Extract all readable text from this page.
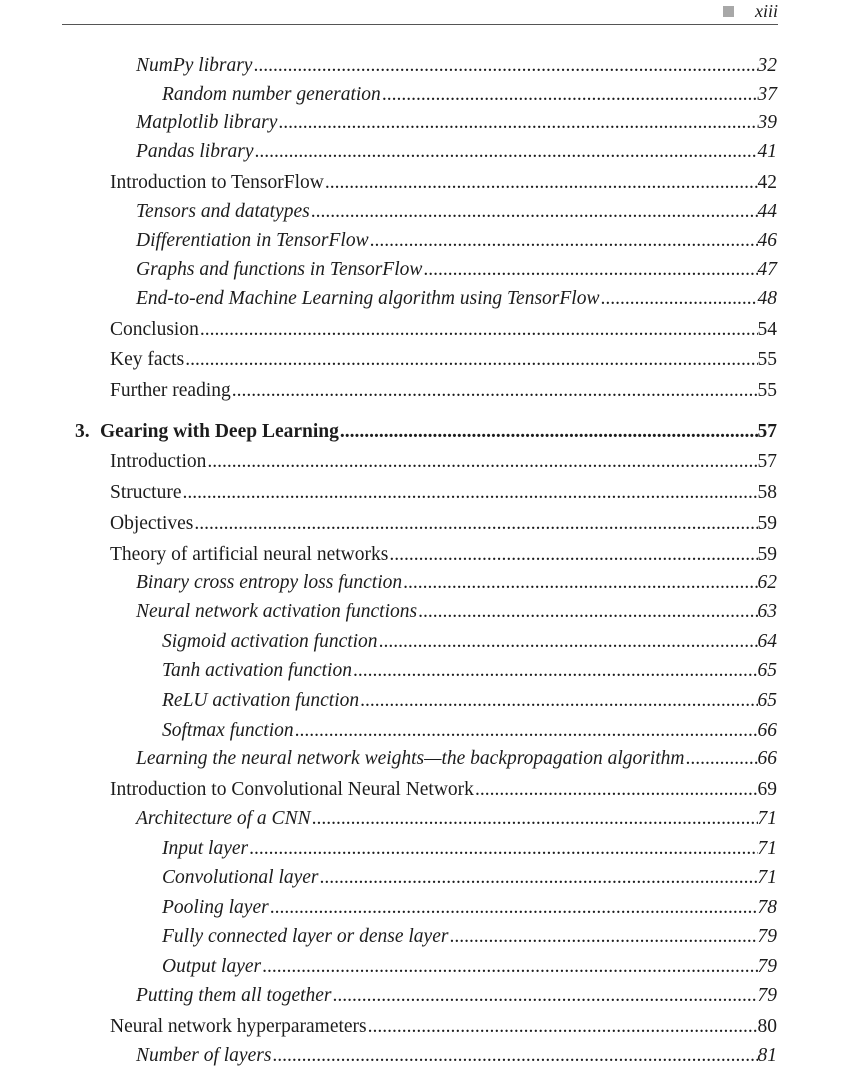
xiii
NumPy library .....	32
Random number generation .....	37
Matplotlib library .....	39
Pandas library .....	41
Introduction to TensorFlow .....	42
Tensors and datatypes .....	44
Differentiation in TensorFlow .....	46
Graphs and functions in TensorFlow .....	47
End-to-end Machine Learning algorithm using TensorFlow .....	48
Conclusion .....	54
Key facts .....	55
Further reading .....	55
3. Gearing with Deep Learning .....	57
Introduction .....	57
Structure .....	58
Objectives .....	59
Theory of artificial neural networks .....	59
Binary cross entropy loss function .....	62
Neural network activation functions .....	63
Sigmoid activation function .....	64
Tanh activation function .....	65
ReLU activation function .....	65
Softmax function .....	66
Learning the neural network weights—the backpropagation algorithm .....	66
Introduction to Convolutional Neural Network .....	69
Architecture of a CNN .....	71
Input layer .....	71
Convolutional layer .....	71
Pooling layer .....	78
Fully connected layer or dense layer .....	79
Output layer .....	79
Putting them all together .....	79
Neural network hyperparameters .....	80
Number of layers .....	81
